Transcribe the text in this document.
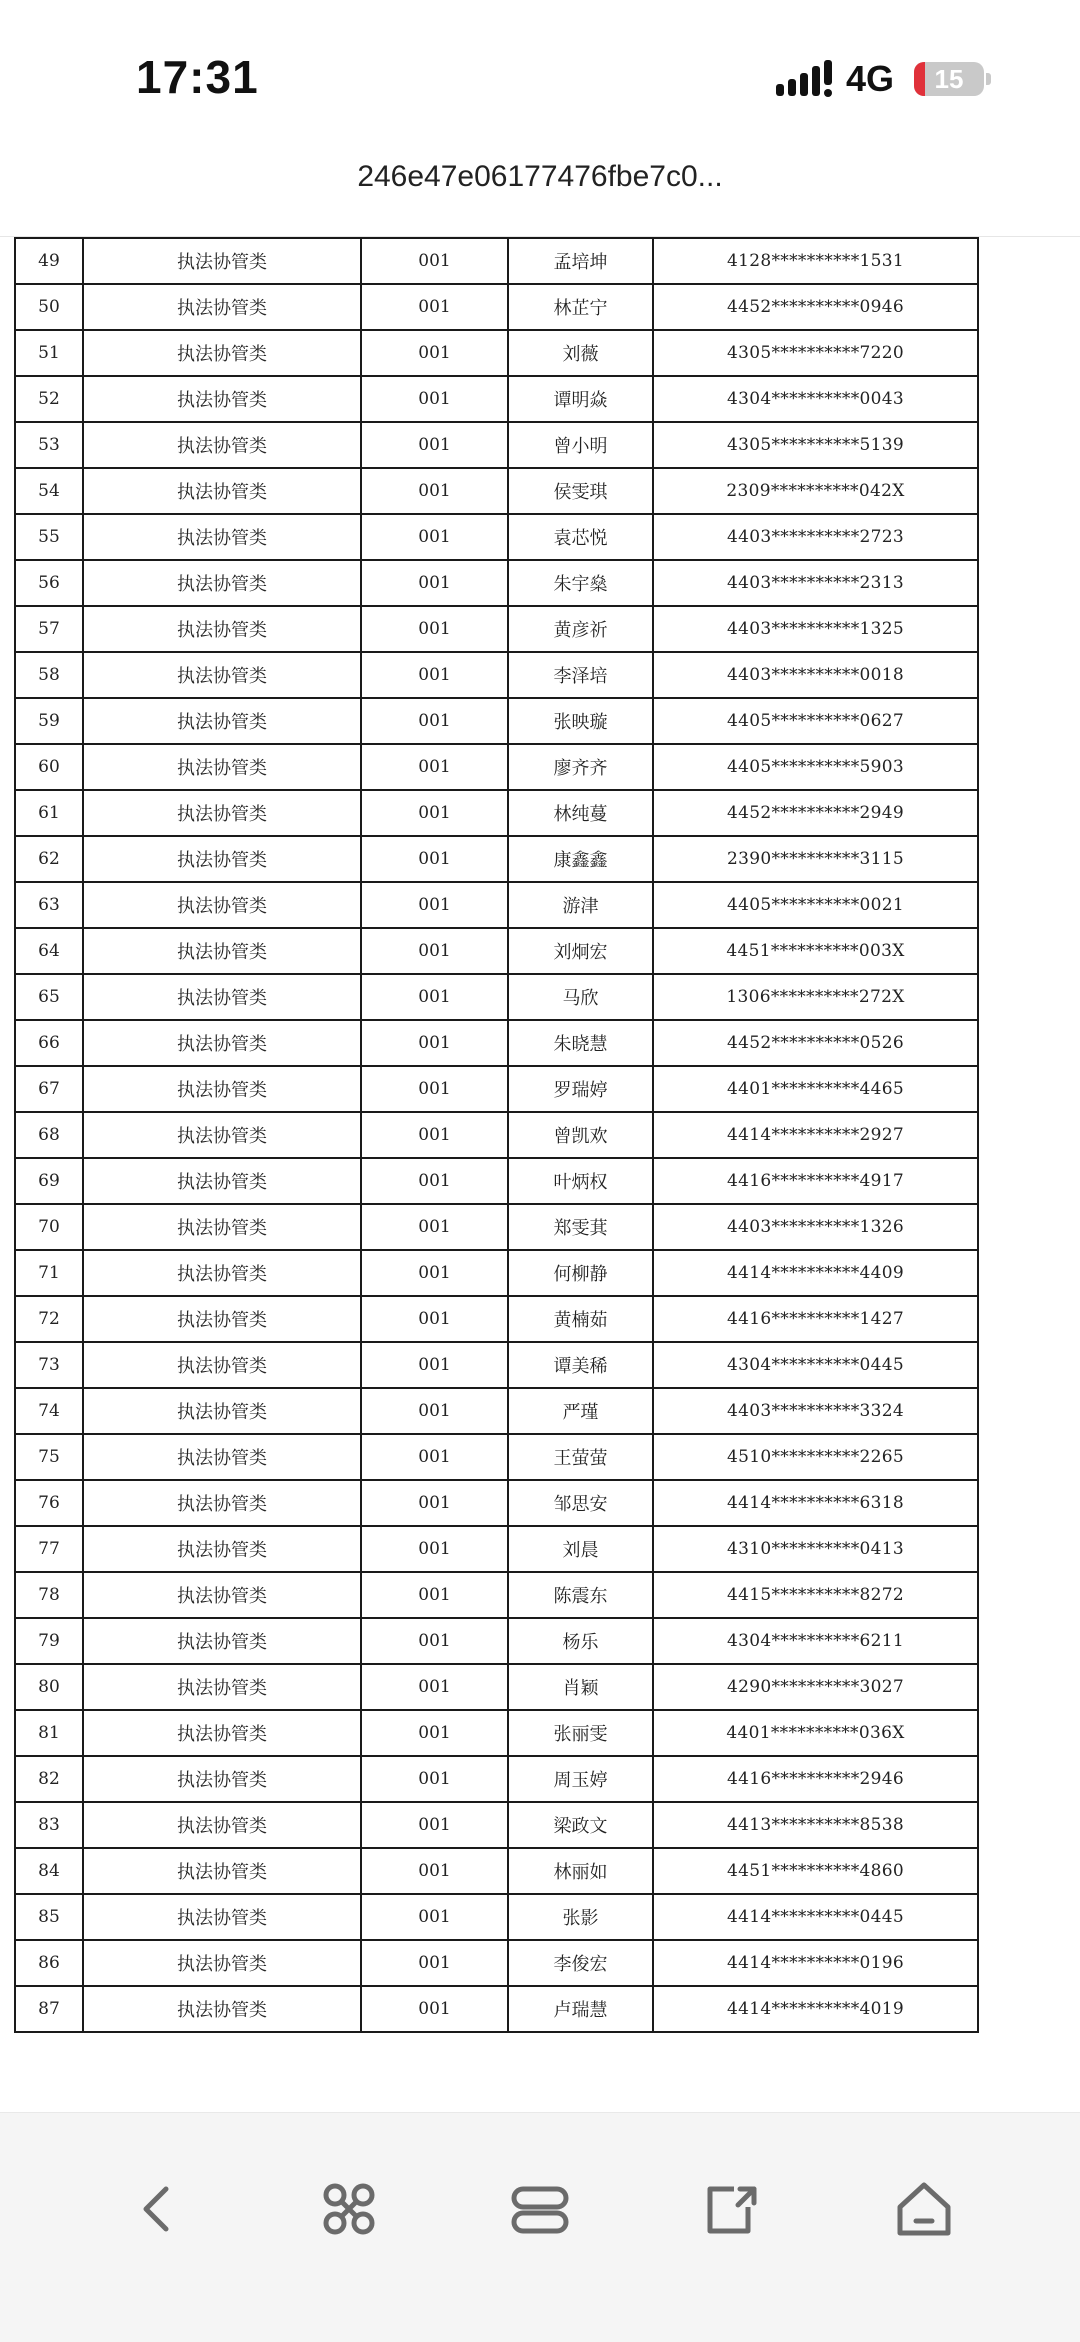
17:31	4G	15
246e47e06177476fbe7c0...
49	执法协管类	001	孟培坤	4128**********1531
50	执法协管类	001	林芷宁	4452**********0946
51	执法协管类	001	刘薇	4305**********7220
52	执法协管类	001	谭明焱	4304**********0043
53	执法协管类	001	曾小明	4305**********5139
54	执法协管类	001	侯雯琪	2309**********042X
55	执法协管类	001	袁芯悦	4403**********2723
56	执法协管类	001	朱宇燊	4403**********2313
57	执法协管类	001	黄彦祈	4403**********1325
58	执法协管类	001	李泽培	4403**********0018
59	执法协管类	001	张映璇	4405**********0627
60	执法协管类	001	廖齐齐	4405**********5903
61	执法协管类	001	林纯蔓	4452**********2949
62	执法协管类	001	康鑫鑫	2390**********3115
63	执法协管类	001	游津	4405**********0021
64	执法协管类	001	刘炯宏	4451**********003X
65	执法协管类	001	马欣	1306**********272X
66	执法协管类	001	朱晓慧	4452**********0526
67	执法协管类	001	罗瑞婷	4401**********4465
68	执法协管类	001	曾凯欢	4414**********2927
69	执法协管类	001	叶炳权	4416**********4917
70	执法协管类	001	郑雯萁	4403**********1326
71	执法协管类	001	何柳静	4414**********4409
72	执法协管类	001	黄楠茹	4416**********1427
73	执法协管类	001	谭美稀	4304**********0445
74	执法协管类	001	严瑾	4403**********3324
75	执法协管类	001	王萤萤	4510**********2265
76	执法协管类	001	邹思安	4414**********6318
77	执法协管类	001	刘晨	4310**********0413
78	执法协管类	001	陈震东	4415**********8272
79	执法协管类	001	杨乐	4304**********6211
80	执法协管类	001	肖颖	4290**********3027
81	执法协管类	001	张丽雯	4401**********036X
82	执法协管类	001	周玉婷	4416**********2946
83	执法协管类	001	梁政文	4413**********8538
84	执法协管类	001	林丽如	4451**********4860
85	执法协管类	001	张影	4414**********0445
86	执法协管类	001	李俊宏	4414**********0196
87	执法协管类	001	卢瑞慧	4414**********4019
